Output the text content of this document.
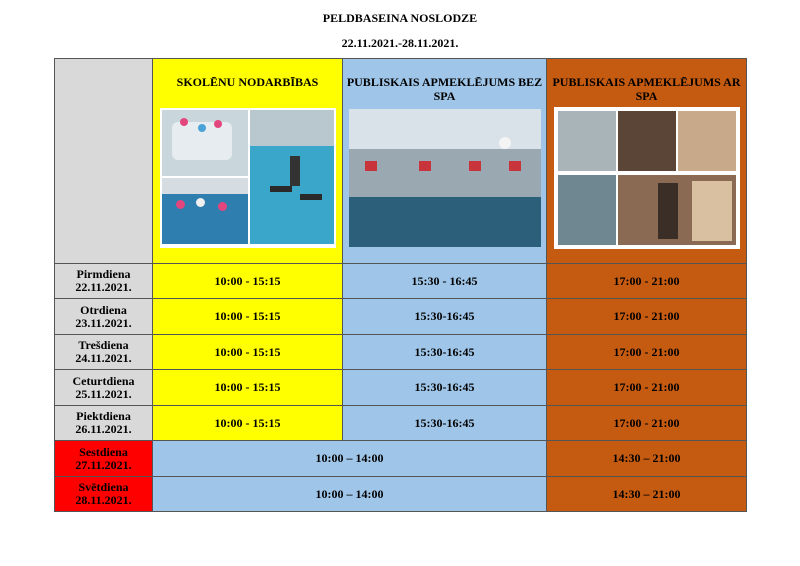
PELDBASEINA NOSLODZE
22.11.2021.-28.11.2021.

	SKOLĒNU NODARBĪBAS	PUBLISKAIS APMEKLĒJUMS BEZ SPA	PUBLISKAIS APMEKLĒJUMS AR SPA

Pirmdiena
22.11.2021.	10:00 - 15:15	15:30 - 16:45	17:00 - 21:00
Otrdiena
23.11.2021.	10:00 - 15:15	15:30-16:45	17:00 - 21:00
Trešdiena
24.11.2021.	10:00 - 15:15	15:30-16:45	17:00 - 21:00
Ceturtdiena
25.11.2021.	10:00 - 15:15	15:30-16:45	17:00 - 21:00
Piektdiena
26.11.2021.	10:00 - 15:15	15:30-16:45	17:00 - 21:00
Sestdiena
27.11.2021.	10:00 – 14:00		14:30 – 21:00
Svētdiena
28.11.2021.	10:00 – 14:00		14:30 – 21:00
